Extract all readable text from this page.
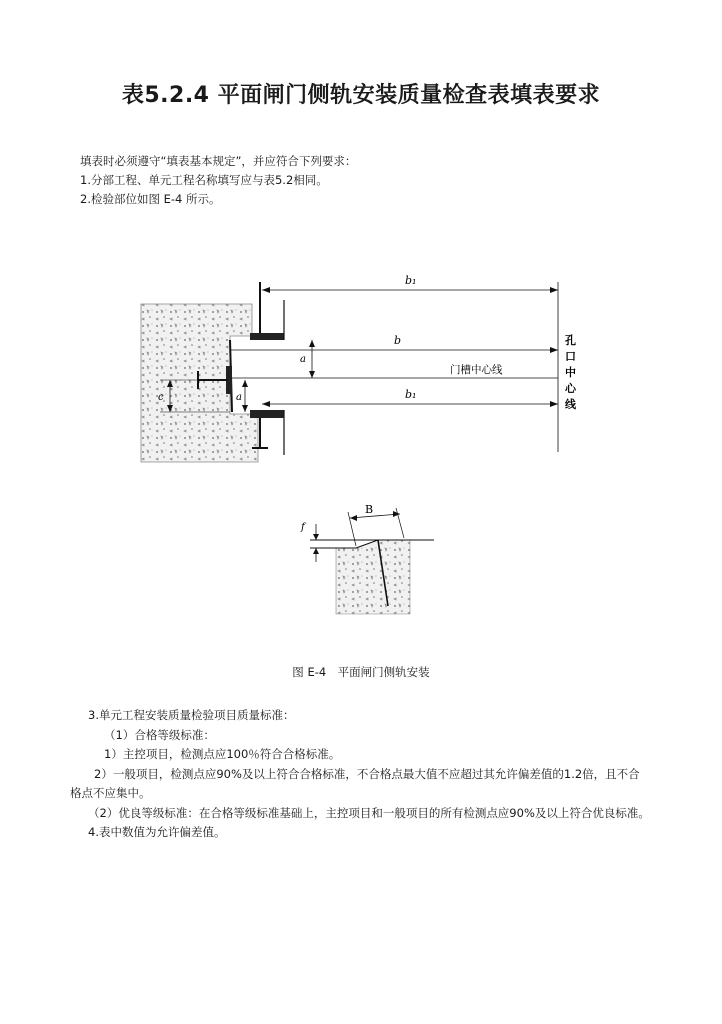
表5.2.4 平面闸门侧轨安装质量检查表填表要求
填表时必须遵守“填表基本规定”，并应符合下列要求：
1.分部工程、单元工程名称填写应与表5.2相同。
2.检验部位如图 E-4 所示。
b₁
b
门槽中心线
b₁
孔
口
中
心
线
a
a
c
B
f
图 E-4　平面闸门侧轨安装

3.单元工程安装质量检验项目质量标准：

（1）合格等级标准：

1）主控项目，检测点应100％符合合格标准。

2）一般项目，检测点应90%及以上符合合格标准，不合格点最大值不应超过其允许偏差值的1.2倍，且不合格点不应集中。

（2）优良等级标准：在合格等级标准基础上，主控项目和一般项目的所有检测点应90%及以上符合优良标准。

4.表中数值为允许偏差值。
